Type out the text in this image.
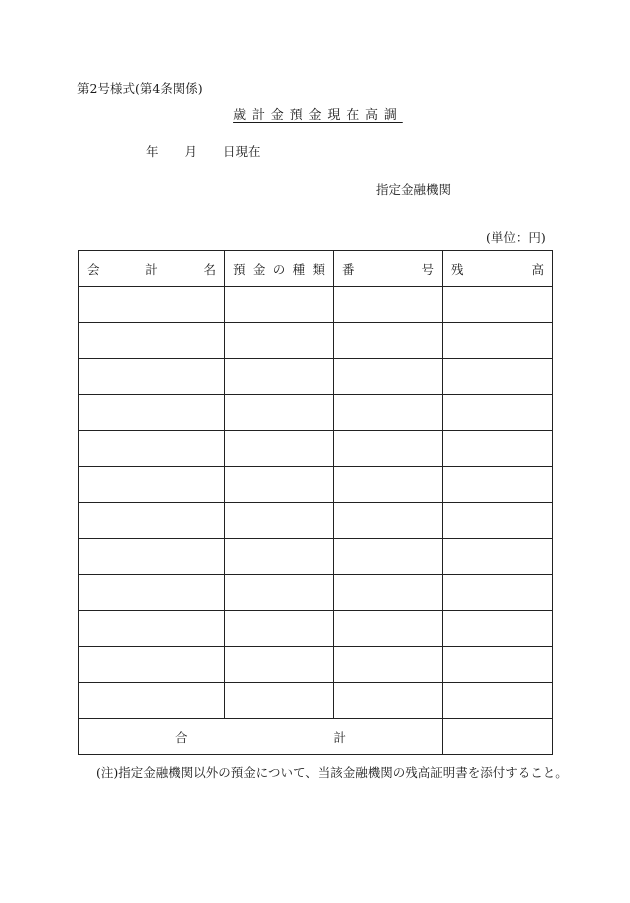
第2号様式(第4条関係)
歳計金預金現在高調
年 月 日現在
指定金融機関
(単位：円)
会 計 名	預 金 の 種 類	番 号	残 高

合 計			

(注)指定金融機関以外の預金について、当該金融機関の残高証明書を添付すること。
